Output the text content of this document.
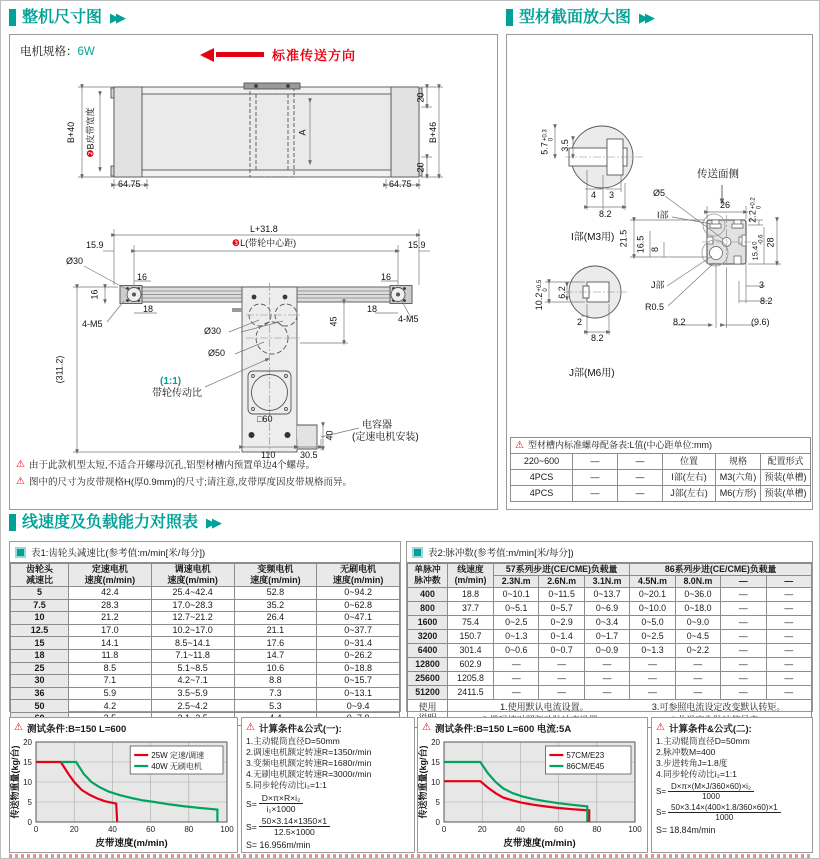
整机尺寸图 ▶▶	型材截面放大图 ▶▶
线速度及负载能力对照表 ▶▶
电机规格：6W	标准传送方向
B+40
❷B皮带宽度	A
64.75	64.75
20
20
B+46
L+31.8
❸L(带轮中心距)
15.9	15.9
Ø30
16
18
16
18
16
4-M5	4-M5
(311.2)
Ø30
Ø50
45
(1:1)
带轮传动比
□60
110	30.5
40
电容器
(定速电机安装)
⚠ 由于此款机型太短,不适合开螺母沉孔,铝型材槽内预置单边4个螺母。
⚠ 图中的尺寸为皮带规格H(厚0.9mm)的尺寸;请注意,皮带厚度因皮带规格而异。
5.7
+0.3 0 3.5
4 3
8.2
I部(M3用)
传送面侧
Ø5
I部
26
2.2
+0.2 0
28
15.4
0 -0.6
21.5 16.5 8
J部
R0.5
3
8.2
8.2	(9.6)
10.2
+0.5 0 6.2
2
8.2
J部(M6用)
⚠ 型材槽内标准螺母配备表:L值(中心距单位:mm)					

220~600	—	—	位置	规格	配置形式
4PCS	—	—	I部(左右)	M3(六角)	预装(单槽)
4PCS	—	—	J部(左右)	M6(方形)	预装(单槽)
表1:齿轮头减速比(参考值:m/min[米/每分])
齿轮头
减速比

定速电机
速度(m/min)

调速电机
速度(m/min)

变频电机
速度(m/min)

无刷电机
速度(m/min)

5	42.4	25.4~42.4	52.8	0~94.2
7.5	28.3	17.0~28.3	35.2	0~62.8
10	21.2	12.7~21.2	26.4	0~47.1
12.5	17.0	10.2~17.0	21.1	0~37.7
15	14.1	8.5~14.1	17.6	0~31.4
18	11.8	7.1~11.8	14.7	0~26.2
25	8.5	5.1~8.5	10.6	0~18.8
30	7.1	4.2~7.1	8.8	0~15.7
36	5.9	3.5~5.9	7.3	0~13.1
50	4.2	2.5~4.2	5.3	0~9.4

表2:脉冲数(参考值:m/min[米/每分])
单脉冲
脉冲数

线速度
(m/min)
	57系列步进(CE/CME)负载量	86系列步进(CE/CME)负载量
		2.3N.m	2.6N.m	3.1N.m	4.5N.m	8.0N.m	—	—
400	18.8	0~10.1	0~11.5	0~13.7	0~20.1	0~36.0	—	—
800	37.7	0~5.1	0~5.7	0~6.9	0~10.0	0~18.0	—	—
1600	75.4	0~2.5	0~2.9	0~3.4	0~5.0	0~9.0	—	—
3200	150.7	0~1.3	0~1.4	0~1.7	0~2.5	0~4.5	—	—
6400	301.4	0~0.6	0~0.7	0~0.9	0~1.3	0~2.2	—	—
12800	602.9	—	—	—	—	—	—	—
25600	1205.8	—	—	—	—	—	—	—
51200	2411.5	—	—	—	—	—	—	—

使用	1.使用默认电流设置。	3.可参照电流设定改变默认转矩。
⚠ 测试条件:B=150 L=600
0	20	40	60	80	100
0
5
10
15
20
皮带速度(m/min)
传送物重量(kg/台)	25W 定速/调速
40W 无刷电机
⚠ 计算条件&公式(一):
1.主动辊筒直径D=50mm
2.调速电机额定转速R=1350r/min
3.变频电机额定转速R=1680r/min
4.无刷电机额定转速R=3000r/min
5.同步轮传动比i₂=1:1
$S= \frac{\text{D×π×R×i₂}}{\text{i₁×1000}}$
$S= \frac{50\times 3.14\times 1350\times 1}{12.5\times 1000}$
S= 16.956m/min
⚠ 测试条件:B=150 L=600 电流:5A
0	20	40	60	80	100
0
5
10
15
20
皮带速度(m/min)
传送物重量(kg/台)	57CM/E23
86CM/E45
⚠ 计算条件&公式(二):
1.主动辊筒直径D=50mm
2.脉冲数M=400
3.步进转角J=1.8度
4.同步轮传动比i₂=1:1
$S= \frac{\text{D×π×(M×J/360×60)×i₂}}{1000}$
$S= \frac{50\times 3.14\times(400\times 1.8/360\times 60)\times 1}{1000}$
S= 18.84m/min
